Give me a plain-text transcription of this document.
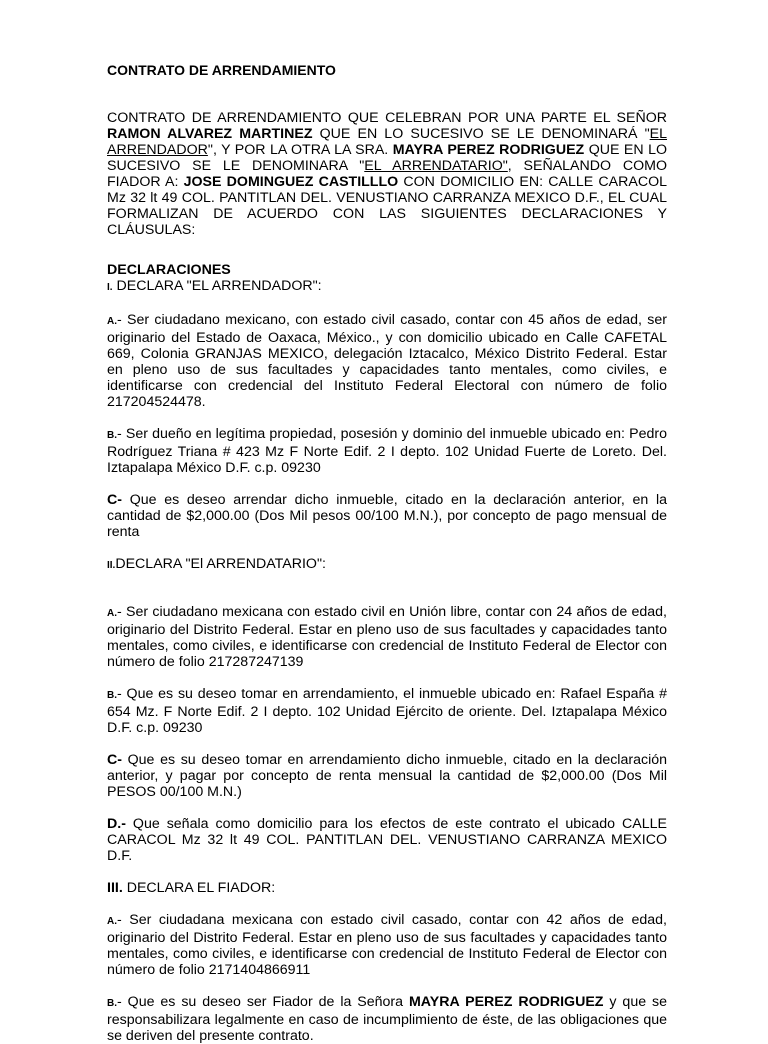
CONTRATO DE ARRENDAMIENTO

CONTRATO DE ARRENDAMIENTO QUE CELEBRAN POR UNA PARTE EL SEÑOR RAMON ALVAREZ MARTINEZ QUE EN LO SUCESIVO SE LE DENOMINARÁ "EL ARRENDADOR", Y POR LA OTRA LA SRA. MAYRA PEREZ RODRIGUEZ QUE EN LO SUCESIVO SE LE DENOMINARA "EL ARRENDATARIO", SEÑALANDO COMO FIADOR A: JOSE DOMINGUEZ CASTILLLO CON DOMICILIO EN: CALLE CARACOL Mz 32 lt 49 COL. PANTITLAN DEL. VENUSTIANO CARRANZA MEXICO D.F., EL CUAL FORMALIZAN DE ACUERDO CON LAS SIGUIENTES DECLARACIONES Y CLÁUSULAS:

DECLARACIONES

I. DECLARA "EL ARRENDADOR":

A.- Ser ciudadano mexicano, con estado civil casado, contar con 45 años de edad, ser originario del Estado de Oaxaca, México., y con domicilio ubicado en Calle CAFETAL 669, Colonia GRANJAS MEXICO, delegación Iztacalco, México Distrito Federal. Estar en pleno uso de sus facultades y capacidades tanto mentales, como civiles, e identificarse con credencial del Instituto Federal Electoral con número de folio 217204524478.

B.- Ser dueño en legítima propiedad, posesión y dominio del inmueble ubicado en: Pedro Rodríguez Triana # 423 Mz F Norte Edif. 2 I depto. 102 Unidad Fuerte de Loreto. Del. Iztapalapa México D.F. c.p. 09230

C- Que es deseo arrendar dicho inmueble, citado en la declaración anterior, en la cantidad de $2,000.00 (Dos Mil pesos 00/100 M.N.), por concepto de pago mensual de renta

II.DECLARA "El ARRENDATARIO":

A.- Ser ciudadano mexicana con estado civil en Unión libre, contar con 24 años de edad, originario del Distrito Federal. Estar en pleno uso de sus facultades y capacidades tanto mentales, como civiles, e identificarse con credencial de Instituto Federal de Elector con número de folio 217287247139

B.- Que es su deseo tomar en arrendamiento, el inmueble ubicado en: Rafael España # 654 Mz. F Norte Edif. 2 I depto. 102 Unidad Ejército de oriente. Del. Iztapalapa México D.F. c.p. 09230

C- Que es su deseo tomar en arrendamiento dicho inmueble, citado en la declaración anterior, y pagar por concepto de renta mensual la cantidad de $2,000.00 (Dos Mil PESOS 00/100 M.N.)

D.- Que señala como domicilio para los efectos de este contrato el ubicado CALLE CARACOL Mz 32 lt 49 COL. PANTITLAN DEL. VENUSTIANO CARRANZA MEXICO D.F.

III. DECLARA EL FIADOR:

A.- Ser ciudadana mexicana con estado civil casado, contar con 42 años de edad, originario del Distrito Federal. Estar en pleno uso de sus facultades y capacidades tanto mentales, como civiles, e identificarse con credencial de Instituto Federal de Elector con número de folio 2171404866911

B.- Que es su deseo ser Fiador de la Señora MAYRA PEREZ RODRIGUEZ y que se responsabilizara legalmente en caso de incumplimiento de éste, de las obligaciones que se deriven del presente contrato.
